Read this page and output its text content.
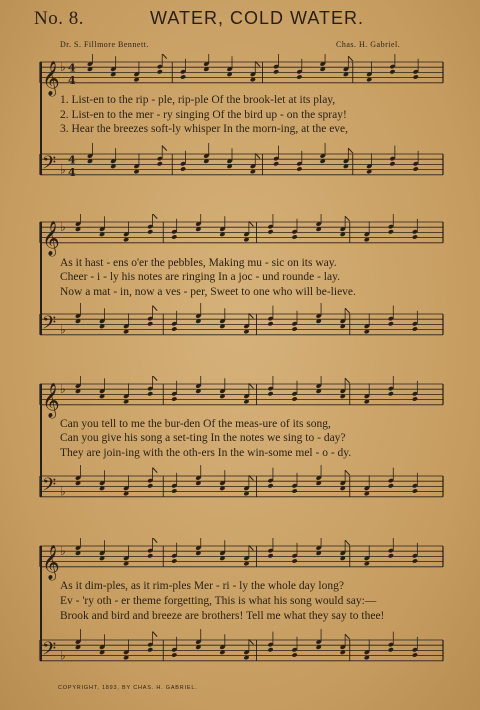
No. 8.	WATER, COLD WATER.
Dr. S. Fillmore Bennett.	Chas. H. Gabriel.
𝄞 ♭ 4
4
1. List-en to the rip - ple, rip-ple Of the brook-let at its play,
2. List-en to the mer - ry singing Of the bird up - on the spray!
3. Hear the breezes soft-ly whisper In the morn-ing, at the eve,
𝄢 ♭
4
4
𝄞 ♭
As it hast - ens o'er the pebbles, Making mu - sic on its way.
Cheer - i - ly his notes are ringing In a joc - und rounde - lay.
Now a mat - in, now a ves - per, Sweet to one who will be-lieve.
𝄢 ♭
𝄞 ♭
Can you tell to me the bur-den Of the meas-ure of its song,
Can you give his song a set-ting In the notes we sing to - day?
They are join-ing with the oth-ers In the win-some mel - o - dy.
𝄢 ♭
𝄞 ♭
As it dim-ples, as it rim-ples Mer - ri - ly the whole day long?
Ev - 'ry oth - er theme forgetting, This is what his song would say:—
Brook and bird and breeze are brothers! Tell me what they say to thee!
𝄢 ♭
COPYRIGHT, 1893, BY CHAS. H. GABRIEL.
